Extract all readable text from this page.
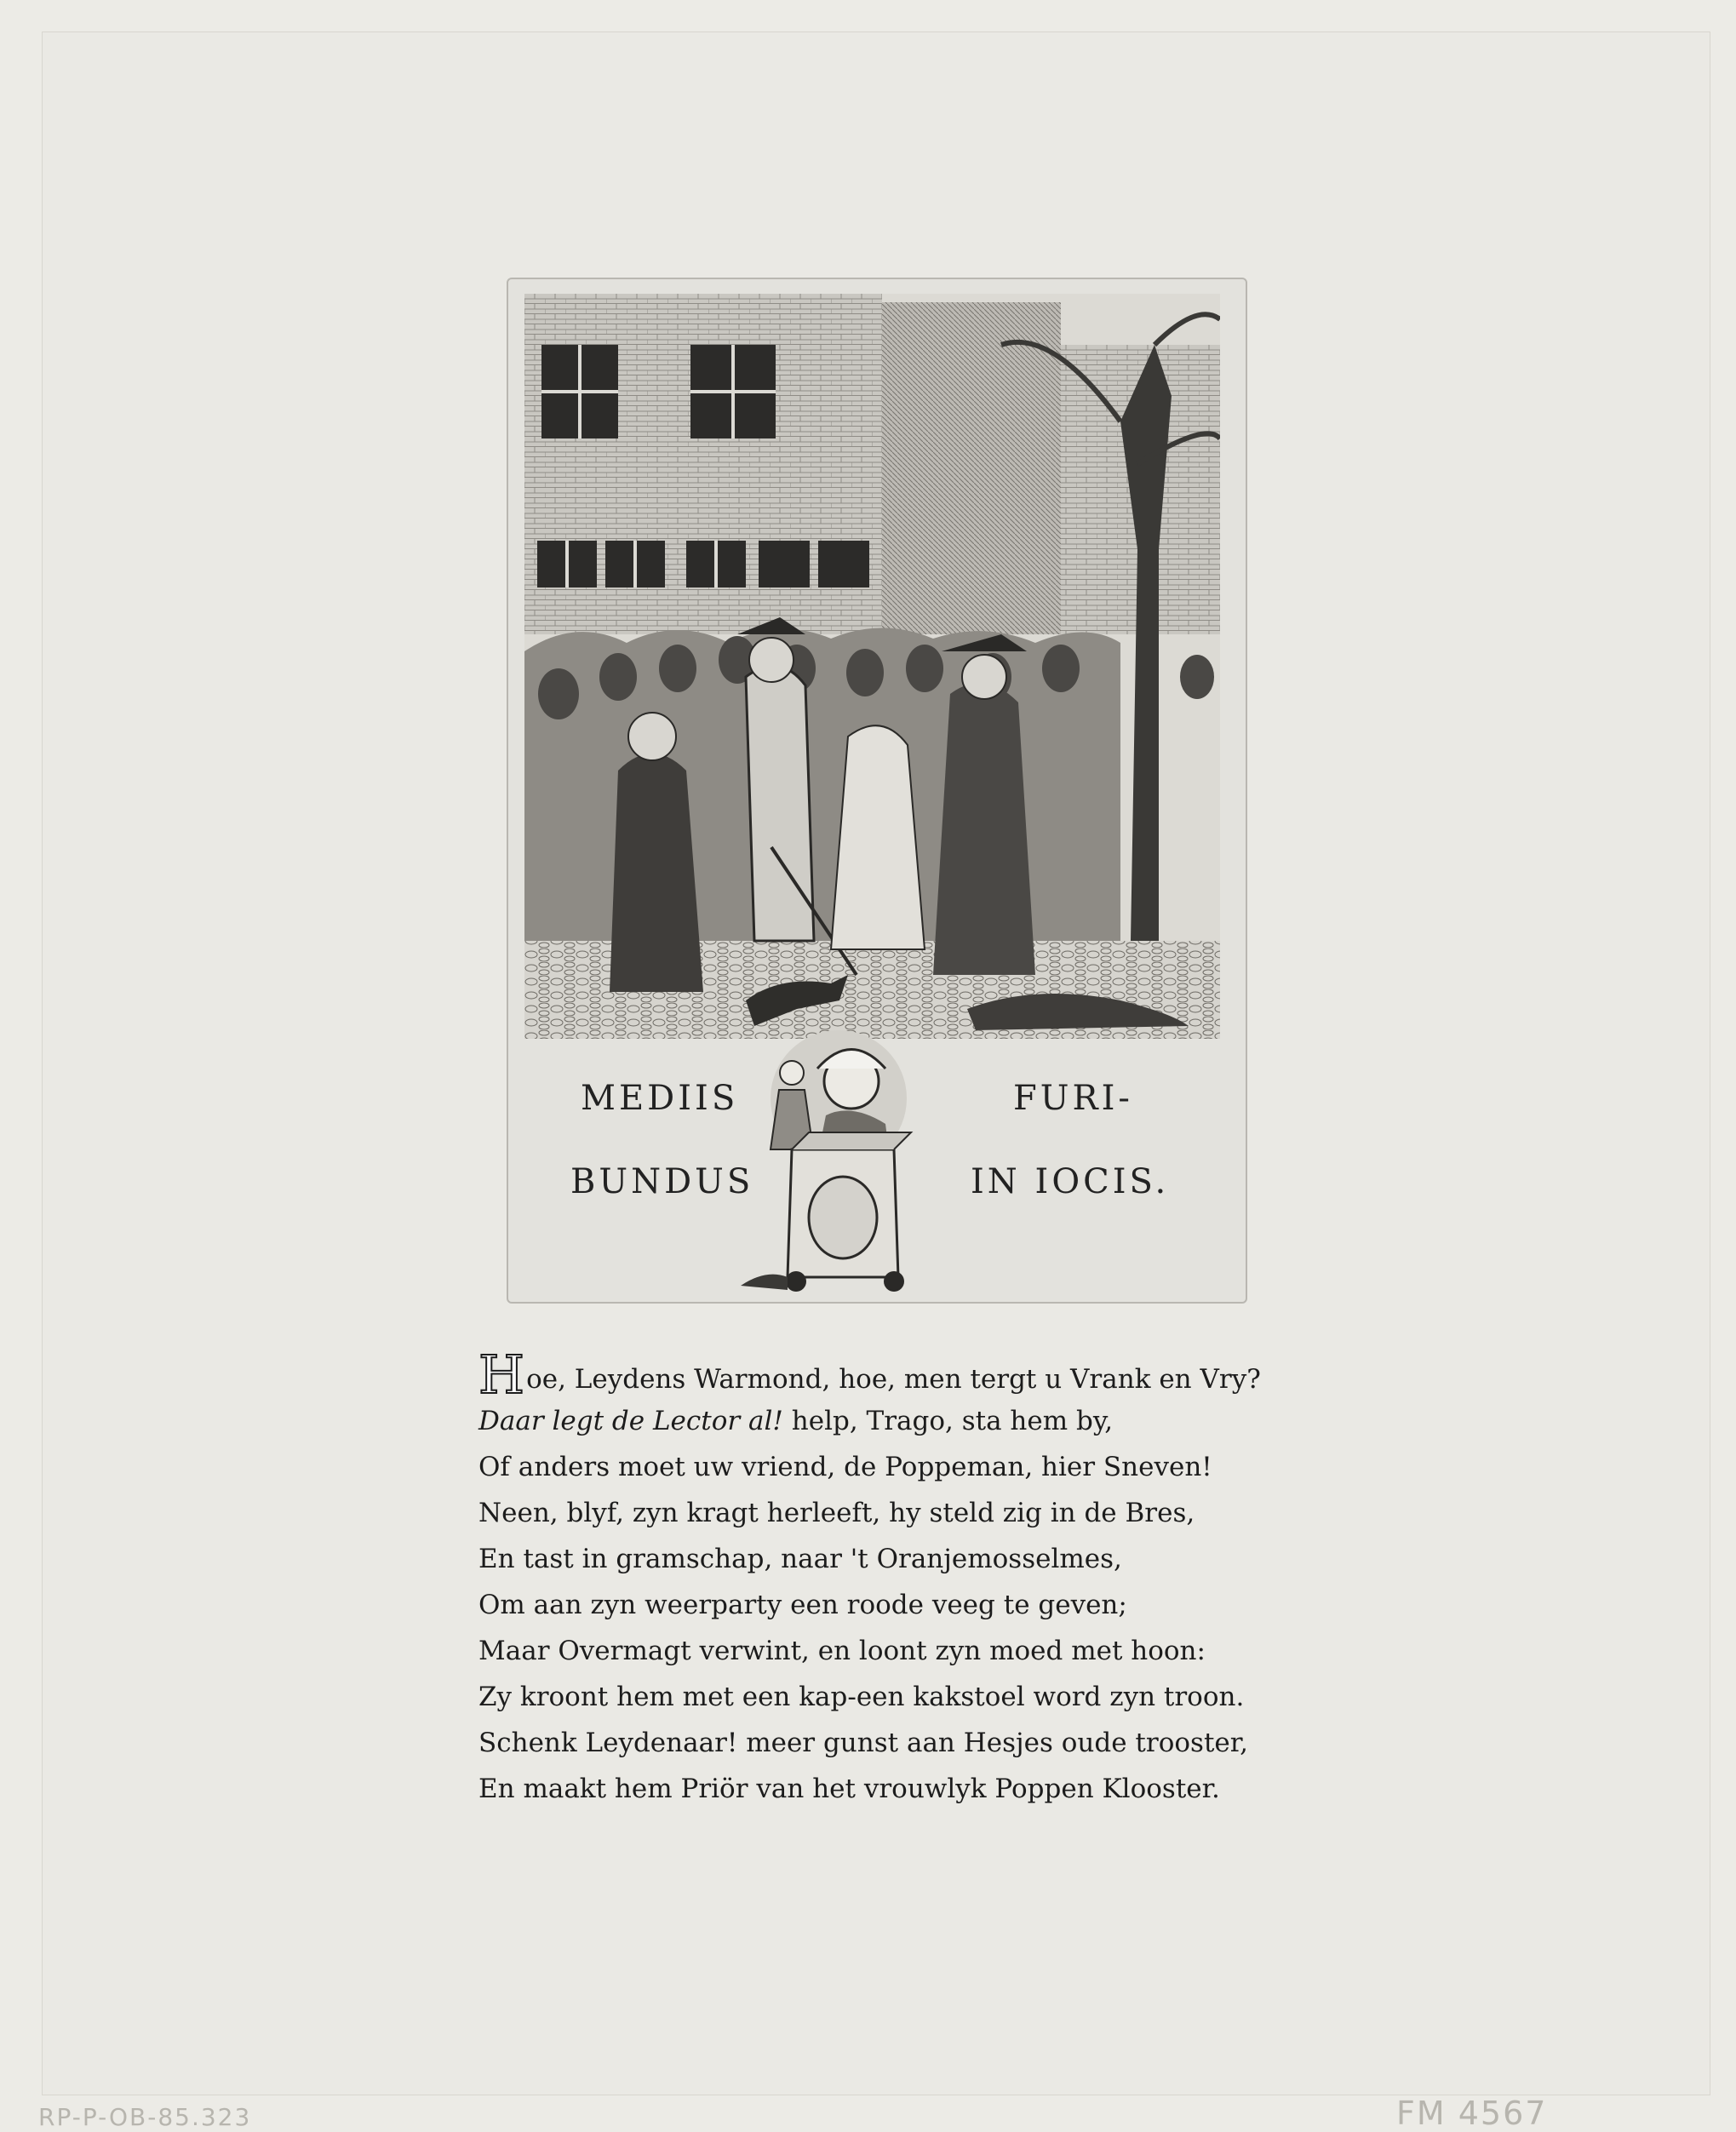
MEDIIS	FURI-
BUNDUS	IN IOCIS.
Hoe, Leydens Warmond, hoe, men tergt u Vrank en Vry?
Daar legt de Lector al! help, Trago, sta hem by,
Of anders moet uw vriend, de Poppeman, hier Sneven!
Neen, blyf, zyn kragt herleeft, hy steld zig in de Bres,
En tast in gramschap, naar 't Oranjemosselmes,
Om aan zyn weerparty een roode veeg te geven;
Maar Overmagt verwint, en loont zyn moed met hoon:
Zy kroont hem met een kap-een kakstoel word zyn troon.
Schenk Leydenaar! meer gunst aan Hesjes oude trooster,
En maakt hem Priör van het vrouwlyk Poppen Klooster.
RP-P-OB-85.323	FM 4567
